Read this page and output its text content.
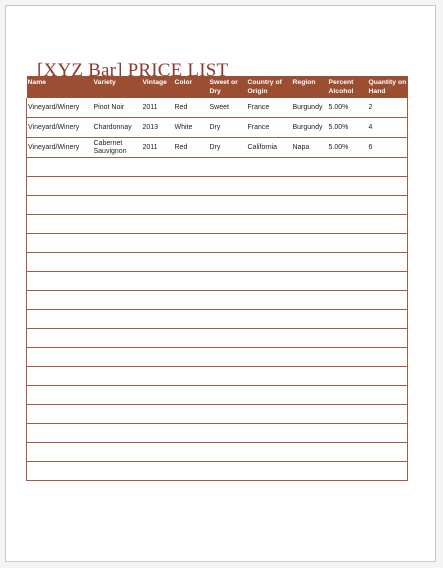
[XYZ Bar] PRICE LIST
Name	Variety	Vintage	Color	Sweet or Dry	Country of Origin	Region	Percent Alcohol	Quantity on Hand
Vineyard/Winery	Pinot Noir	2011	Red	Sweet	France	Burgundy	5.00%	2
Vineyard/Winery	Chardonnay	2013	White	Dry	France	Burgundy	5.00%	4
Vineyard/Winery	Cabernet Sauvignon	2011	Red	Dry	California	Napa	5.00%	6
